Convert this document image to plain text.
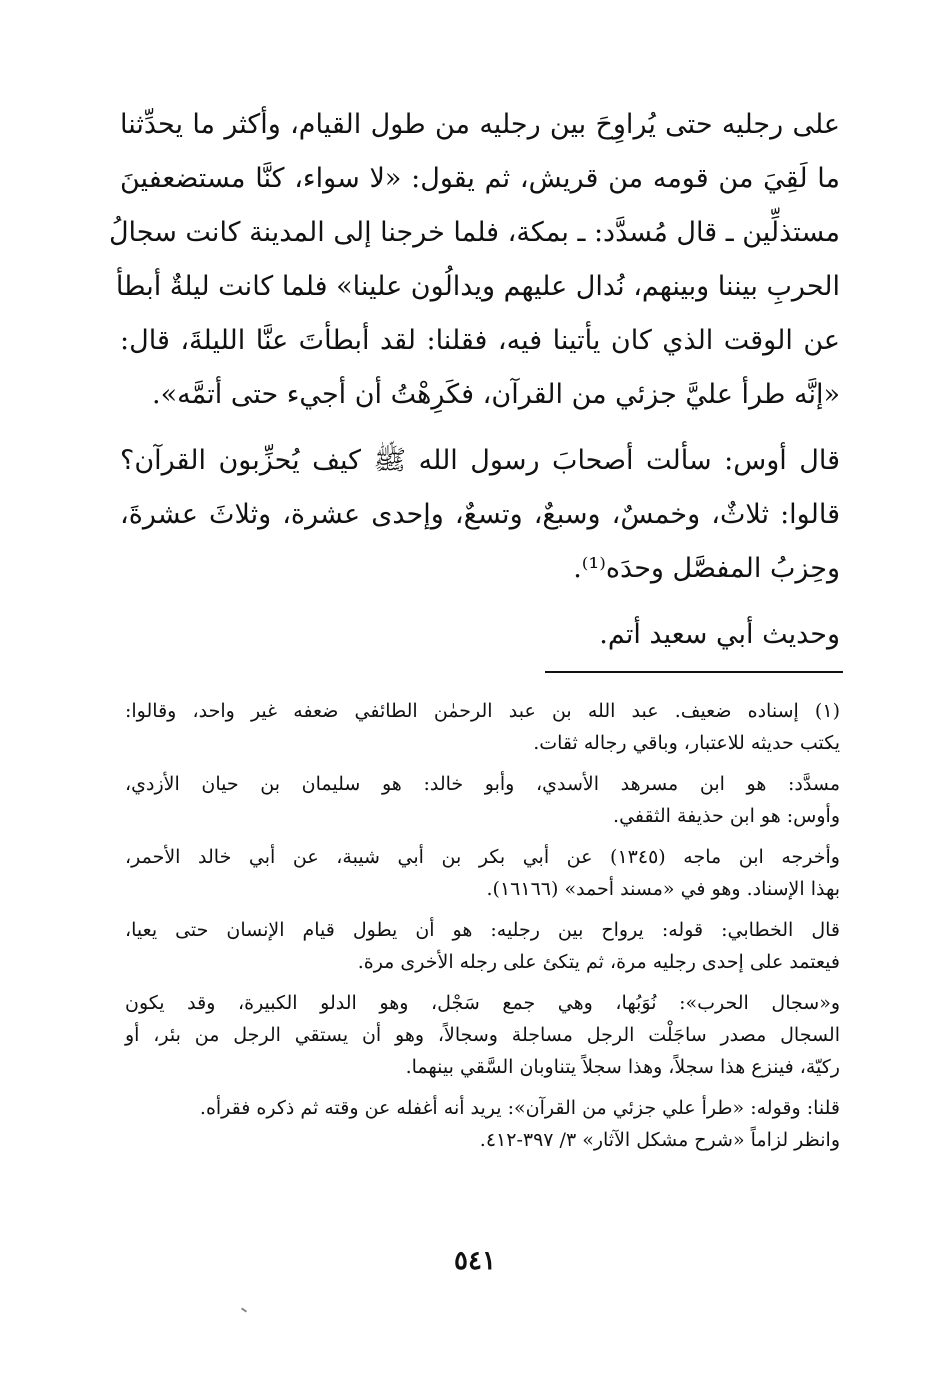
على رجليه حتى يُراوِحَ بين رجليه من طول القيام، وأكثر ما يحدِّثنا
ما لَقِيَ من قومه من قريش، ثم يقول: «لا سواء، كنَّا مستضعفينَ
مستذلِّين ـ قال مُسدَّد: ـ بمكة، فلما خرجنا إلى المدينة كانت سجالُ
الحربِ بيننا وبينهم، نُدال عليهم ويدالُون علينا» فلما كانت ليلةٌ أبطأ
عن الوقت الذي كان يأتينا فيه، فقلنا: لقد أبطأتَ عنَّا الليلةَ، قال:
«إنَّه طرأ عليَّ جزئي من القرآن، فكَرِهْتُ أن أجيء حتى أتمَّه».
قال أوس: سألت أصحابَ رسول الله ﷺ كيف يُحزِّبون القرآن؟
قالوا: ثلاثٌ، وخمسٌ، وسبعٌ، وتسعٌ، وإحدى عشرة، وثلاثَ عشرةَ،
وحِزبُ المفصَّل وحدَه⁽¹⁾.
وحديث أبي سعيد أتم.
(١) إسناده ضعيف. عبد الله بن عبد الرحمٰن الطائفي ضعفه غير واحد، وقالوا:
يكتب حديثه للاعتبار، وباقي رجاله ثقات.
مسدَّد: هو ابن مسرهد الأسدي، وأبو خالد: هو سليمان بن حيان الأزدي،
وأوس: هو ابن حذيفة الثقفي.
وأخرجه ابن ماجه (١٣٤٥) عن أبي بكر بن أبي شيبة، عن أبي خالد الأحمر،
بهذا الإسناد. وهو في «مسند أحمد» (١٦١٦٦).
قال الخطابي: قوله: يرواح بين رجليه: هو أن يطول قيام الإنسان حتى يعيا،
فيعتمد على إحدى رجليه مرة، ثم يتكئ على رجله الأخرى مرة.
و«سجال الحرب»: نُوَبُها، وهي جمع سَجْل، وهو الدلو الكبيرة، وقد يكون
السجال مصدر ساجَلْت الرجل مساجلة وسجالاً، وهو أن يستقي الرجل من بئر، أو
ركيّة، فينزع هذا سجلاً، وهذا سجلاً يتناوبان السَّقي بينهما.
قلنا: وقوله: «طرأ علي جزئي من القرآن»: يريد أنه أغفله عن وقته ثم ذكره فقرأه.
وانظر لزاماً «شرح مشكل الآثار» ٣/ ٣٩٧-٤١٢.
٥٤١
